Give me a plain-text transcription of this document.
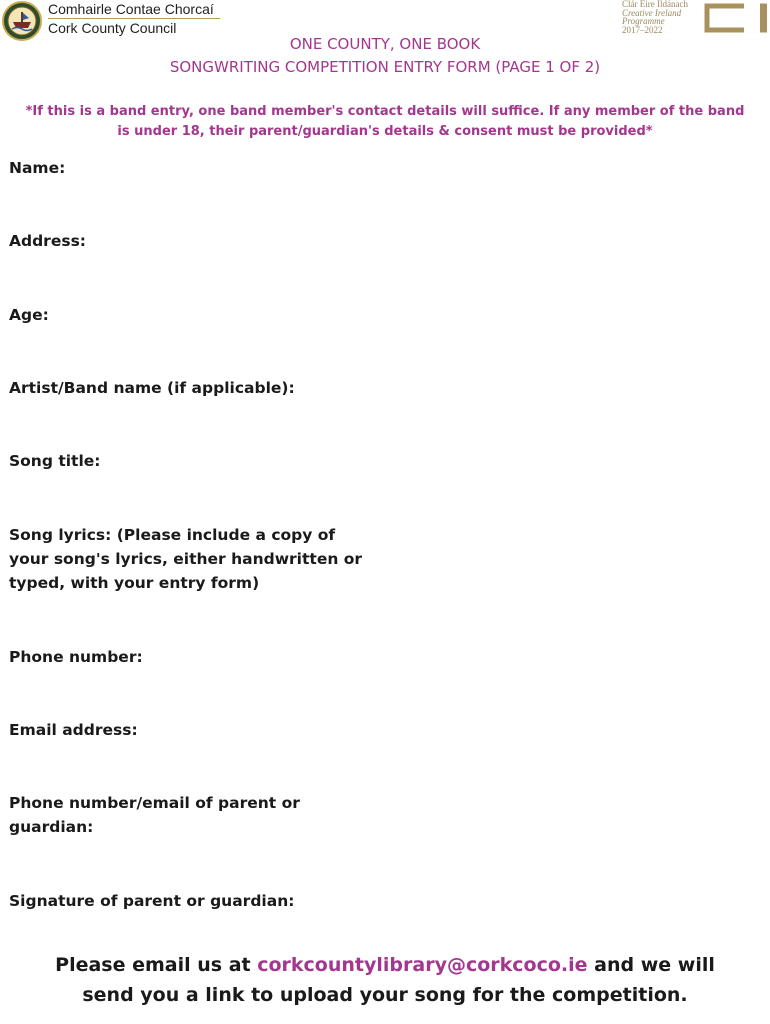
Comhairle Contae Chorcaí
Cork County Council
Clár Éire Ildánach
Creative Ireland
Programme
2017–2022
ONE COUNTY, ONE BOOK
SONGWRITING COMPETITION ENTRY FORM (PAGE 1 OF 2)
*If this is a band entry, one band member's contact details will suffice. If any member of the band is under 18, their parent/guardian's details & consent must be provided*
Name:
Address:
Age:
Artist/Band name (if applicable):
Song title:
Song lyrics: (Please include a copy of
your song's lyrics, either handwritten or
typed, with your entry form)
Phone number:
Email address:
Phone number/email of parent or
guardian:
Signature of parent or guardian:
Please email us at corkcountylibrary@corkcoco.ie and we will
send you a link to upload your song for the competition.
